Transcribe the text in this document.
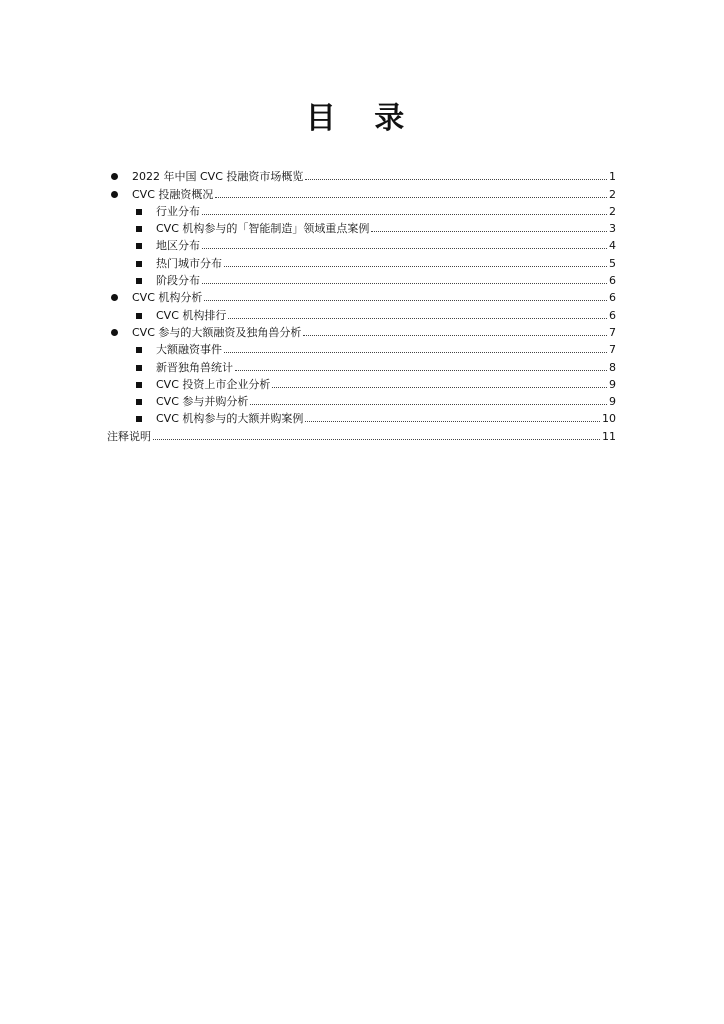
目 录
2022 年中国 CVC 投融资市场概览	1
CVC 投融资概况	2
行业分布	2
CVC 机构参与的「智能制造」领域重点案例	3
地区分布	4
热门城市分布	5
阶段分布	6
CVC 机构分析	6
CVC 机构排行	6
CVC 参与的大额融资及独角兽分析	7
大额融资事件	7
新晋独角兽统计	8
CVC 投资上市企业分析	9
CVC 参与并购分析	9
CVC 机构参与的大额并购案例	10
注释说明	11
